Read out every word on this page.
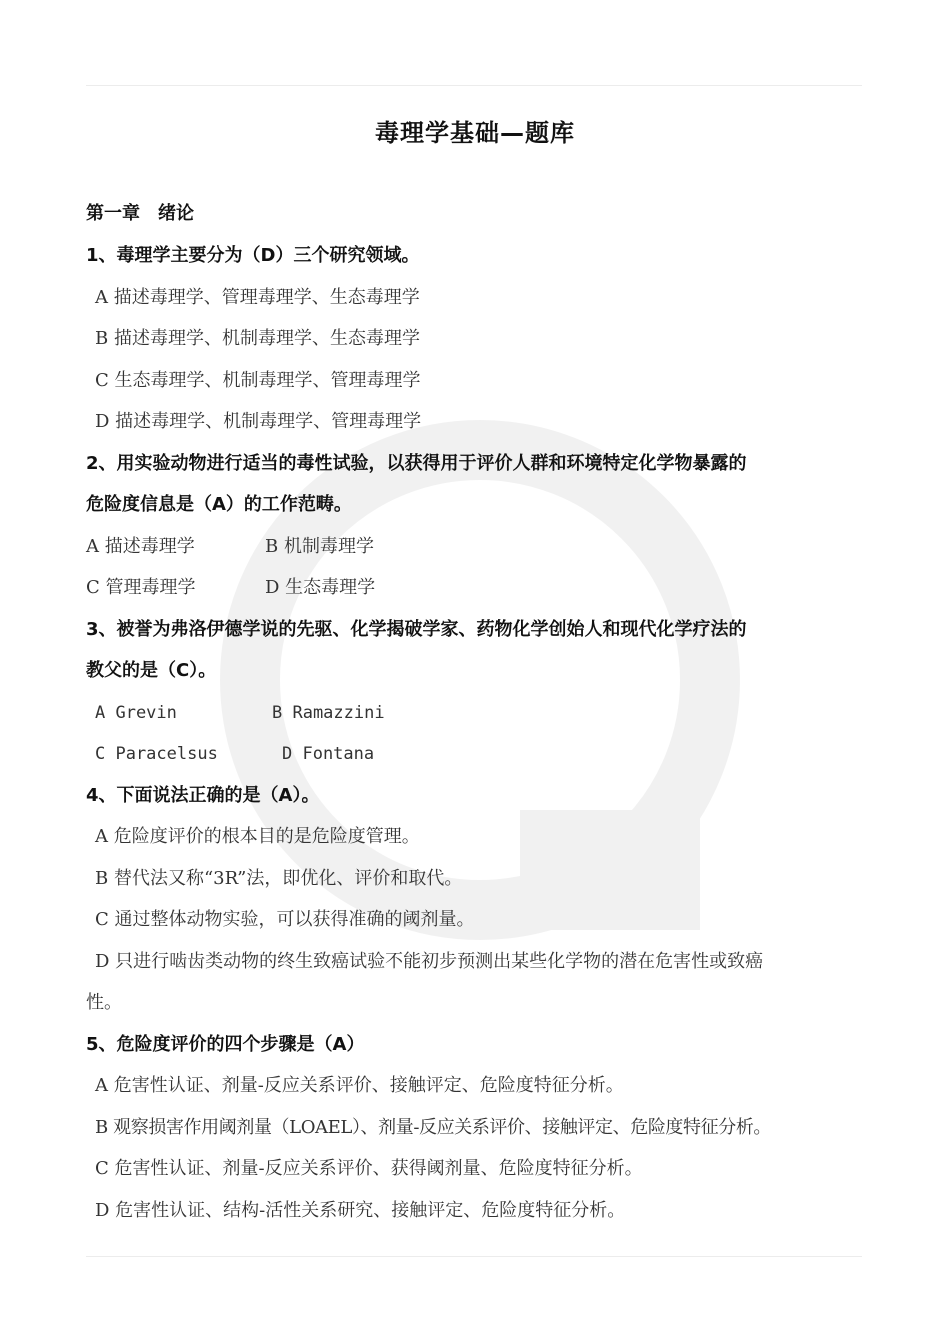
毒理学基础—题库
第一章　绪论
1、毒理学主要分为（D）三个研究领域。
A 描述毒理学、管理毒理学、生态毒理学
B 描述毒理学、机制毒理学、生态毒理学
C 生态毒理学、机制毒理学、管理毒理学
D 描述毒理学、机制毒理学、管理毒理学
2、用实验动物进行适当的毒性试验，以获得用于评价人群和环境特定化学物暴露的
危险度信息是（A）的工作范畴。
A 描述毒理学	B 机制毒理学
C 管理毒理学	D 生态毒理学
3、被誉为弗洛伊德学说的先驱、化学揭破学家、药物化学创始人和现代化学疗法的
教父的是（C）。
A Grevin	B Ramazzini
C Paracelsus	D Fontana
4、下面说法正确的是（A）。
A 危险度评价的根本目的是危险度管理。
B 替代法又称“3R”法，即优化、评价和取代。
C 通过整体动物实验，可以获得准确的阈剂量。
D 只进行啮齿类动物的终生致癌试验不能初步预测出某些化学物的潜在危害性或致癌
性。
5、危险度评价的四个步骤是（A）
A 危害性认证、剂量-反应关系评价、接触评定、危险度特征分析。
B 观察损害作用阈剂量（LOAEL）、剂量-反应关系评价、接触评定、危险度特征分析。
C 危害性认证、剂量-反应关系评价、获得阈剂量、危险度特征分析。
D 危害性认证、结构-活性关系研究、接触评定、危险度特征分析。
